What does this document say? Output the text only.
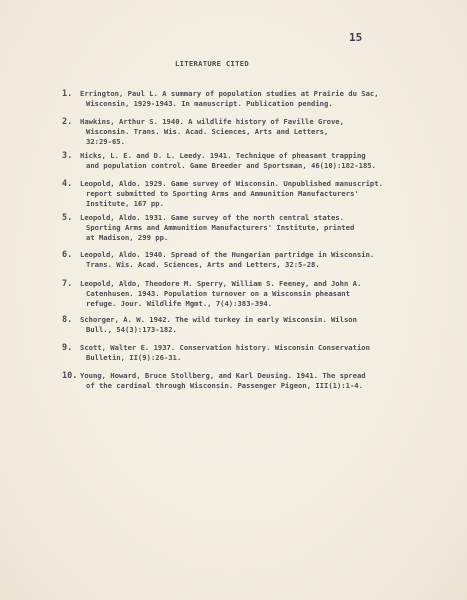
15
LITERATURE CITED
1.	Errington, Paul L. A summary of population studies at Prairie du Sac,
Wisconsin, 1929-1943. In manuscript. Publication pending.
2.	Hawkins, Arthur S. 1940. A wildlife history of Faville Grove,
Wisconsin. Trans. Wis. Acad. Sciences, Arts and Letters,
32:29-65.
3.	Hicks, L. E. and D. L. Leedy. 1941. Technique of pheasant trapping
and population control. Game Breeder and Sportsman, 46(10):182-185.
4.	Leopold, Aldo. 1929. Game survey of Wisconsin. Unpublished manuscript.
report submitted to Sporting Arms and Ammunition Manufacturers'
Institute, 167 pp.
5.	Leopold, Aldo. 1931. Game survey of the north central states.
Sporting Arms and Ammunition Manufacturers' Institute, printed
at Madison, 299 pp.
6.	Leopold, Aldo. 1940. Spread of the Hungarian partridge in Wisconsin.
Trans. Wis. Acad. Sciences, Arts and Letters, 32:5-28.
7.	Leopold, Aldo, Theodore M. Sperry, William S. Feeney, and John A.
Catenhusen. 1943. Population turnover on a Wisconsin pheasant
refuge. Jour. Wildlife Mgmt., 7(4):383-394.
8.	Schorger, A. W. 1942. The wild turkey in early Wisconsin. Wilson
Bull., 54(3):173-182.
9.	Scott, Walter E. 1937. Conservation history. Wisconsin Conservation
Bulletin, II(9):26-31.
10. Young, Howard, Bruce Stollberg, and Karl Deusing. 1941. The spread
of the cardinal through Wisconsin. Passenger Pigeon, III(1):1-4.
